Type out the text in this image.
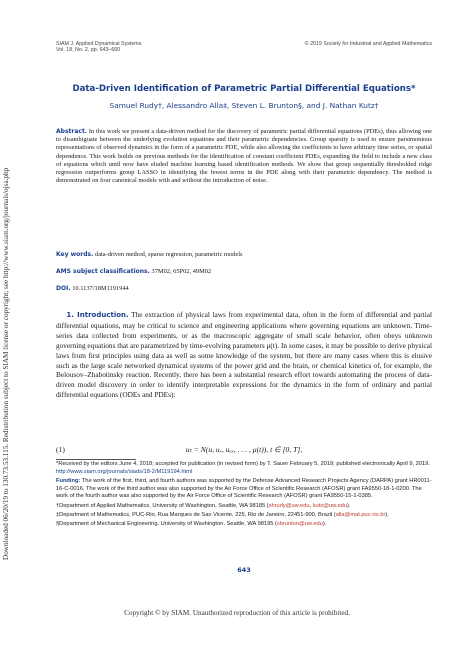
Downloaded 06/20/19 to 130.73.53.115. Redistribution subject to SIAM license or copyright; see http://www.siam.org/journals/ojsa.php
SIAM J. Applied Dynamical Systems
Vol. 18, No. 2, pp. 643–660
© 2019 Society for Industrial and Applied Mathematics
Data-Driven Identification of Parametric Partial Differential Equations*
Samuel Rudy†, Alessandro Alla‡, Steven L. Brunton§, and J. Nathan Kutz†
Abstract. In this work we present a data-driven method for the discovery of parametric partial differential equations (PDEs), thus allowing one to disambiguate between the underlying evolution equations and their parametric dependencies. Group sparsity is used to ensure parsimonious representations of observed dynamics in the form of a parametric PDE, while also allowing the coefficients to have arbitrary time series, or spatial dependence. This work builds on previous methods for the identification of constant coefficient PDEs, expanding the field to include a new class of equations which until now have eluded machine learning based identification methods. We show that group sequentially thresholded ridge regression outperforms group LASSO in identifying the fewest terms in the PDE along with their parametric dependency. The method is demonstrated on four canonical models with and without the introduction of noise.
Key words. data-driven method, sparse regression, parametric models
AMS subject classifications. 37M02, 65P02, 49M02
DOI. 10.1137/18M1191944
1. Introduction. The extraction of physical laws from experimental data, often in the form of differential and partial differential equations, may be critical to science and engineering applications where governing equations are unknown. Time-series data collected from experiments, or as the macroscopic aggregate of small scale behavior, often obeys unknown governing equations that are parametrized by time-evolving parameters μ(t). In some cases, it may be possible to derive physical laws from first principles using data as well as some knowledge of the system, but there are many cases where this is elusive such as the large scale networked dynamical systems of the power grid and the brain, or chemical kinetics of, for example, the Belousov–Zhabotinsky reaction. Recently, there has been a substantial research effort towards automating the process of data-driven model discovery in order to identify interpretable expressions for the dynamics in the form of ordinary and partial differential equations (ODEs and PDEs):
uₜ = N(u, uₓ, uₓₓ, . . . , μ(t)), t ∈ [0, T],
(1)
*Received by the editors June 4, 2018; accepted for publication (in revised form) by T. Sauer February 5, 2019; published electronically April 9, 2019.
http://www.siam.org/journals/siads/18-2/M119194.html
Funding: The work of the first, third, and fourth authors was supported by the Defense Advanced Research Projects Agency (DARPA) grant HR0011-16-C-0016. The work of the third author was also supported by the Air Force Office of Scientific Research (AFOSR) grant FA9550-18-1-0200. The work of the fourth author was also supported by the Air Force Office of Scientific Research (AFOSR) grant FA9550-15-1-0385.
†Department of Applied Mathematics, University of Washington, Seattle, WA 98185 (shrudy@uw.edu, kutz@uw.edu).
‡Department of Mathematics, PUC-Rio, Rua Marques de Sao Vicente, 225, Rio de Janeiro, 22451-900, Brazil (alla@mat.puc-rio.br).
§Department of Mechanical Engineering, University of Washington, Seattle, WA 98195 (sbrunton@uw.edu).
643
Copyright © by SIAM. Unauthorized reproduction of this article is prohibited.
